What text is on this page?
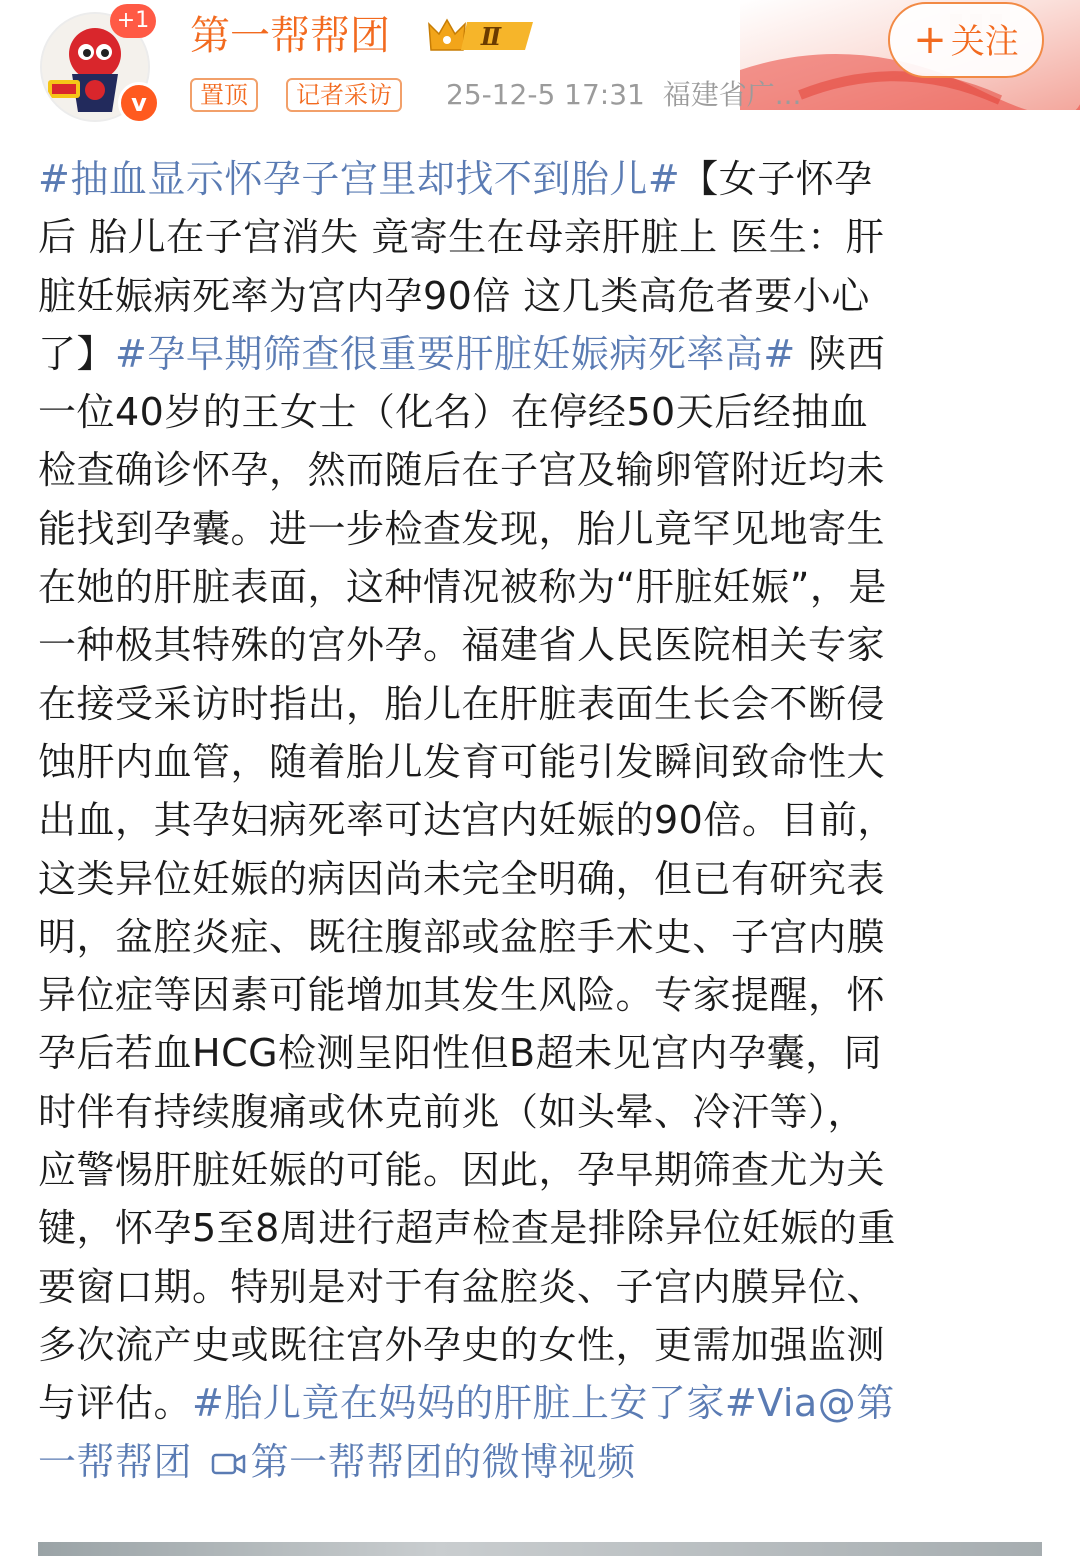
+1
v
第一帮帮团	Ⅱ	+ 关注
置顶	记者采访	25-12-5 17:31 福建省广...
#抽血显示怀孕子宫里却找不到胎儿#【女子怀孕
后 胎儿在子宫消失 竟寄生在母亲肝脏上 医生：肝
脏妊娠病死率为宫内孕90倍 这几类高危者要小心
了】#孕早期筛查很重要肝脏妊娠病死率高# 陕西
一位40岁的王女士（化名）在停经50天后经抽血
检查确诊怀孕，然而随后在子宫及输卵管附近均未
能找到孕囊。进一步检查发现，胎儿竟罕见地寄生
在她的肝脏表面，这种情况被称为“肝脏妊娠”，是
一种极其特殊的宫外孕。福建省人民医院相关专家
在接受采访时指出，胎儿在肝脏表面生长会不断侵
蚀肝内血管，随着胎儿发育可能引发瞬间致命性大
出血，其孕妇病死率可达宫内妊娠的90倍。目前，
这类异位妊娠的病因尚未完全明确，但已有研究表
明，盆腔炎症、既往腹部或盆腔手术史、子宫内膜
异位症等因素可能增加其发生风险。专家提醒，怀
孕后若血HCG检测呈阳性但B超未见宫内孕囊，同
时伴有持续腹痛或休克前兆（如头晕、冷汗等），
应警惕肝脏妊娠的可能。因此，孕早期筛查尤为关
键，怀孕5至8周进行超声检查是排除异位妊娠的重
要窗口期。特别是对于有盆腔炎、子宫内膜异位、
多次流产史或既往宫外孕史的女性，更需加强监测
与评估。#胎儿竟在妈妈的肝脏上安了家#Via@第
一帮帮团 第一帮帮团的微博视频
